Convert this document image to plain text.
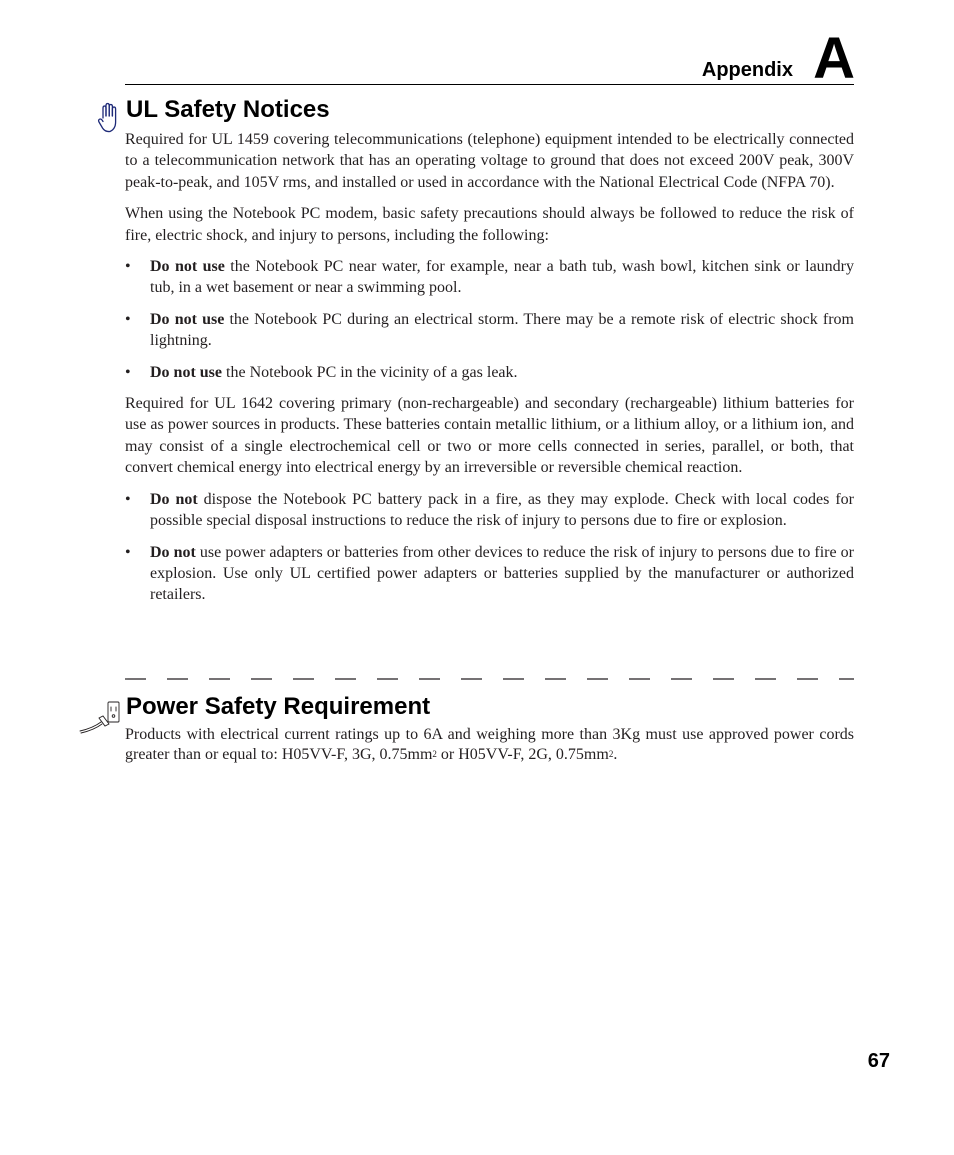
Appendix A
UL Safety Notices

Required for UL 1459 covering telecommunications (telephone) equipment intended to be electrically connected to a telecommunication network that has an operating voltage to ground that does not exceed 200V peak, 300V peak-to-peak, and 105V rms, and installed or used in accordance with the National Electrical Code (NFPA 70).

When using the Notebook PC modem, basic safety precautions should always be followed to reduce the risk of fire, electric shock, and injury to persons, including the following:

• Do not use the Notebook PC near water, for example, near a bath tub, wash bowl, kitchen sink or laundry tub, in a wet basement or near a swimming pool.
• Do not use the Notebook PC during an electrical storm. There may be a remote risk of electric shock from lightning.
• Do not use the Notebook PC in the vicinity of a gas leak.

Required for UL 1642 covering primary (non-rechargeable) and secondary (rechargeable) lithium batteries for use as power sources in products. These batteries contain metallic lithium, or a lithium alloy, or a lithium ion, and may consist of a single electrochemical cell or two or more cells connected in series, parallel, or both, that convert chemical energy into electrical energy by an irreversible or reversible chemical reaction.

• Do not dispose the Notebook PC battery pack in a fire, as they may explode. Check with local codes for possible special disposal instructions to reduce the risk of injury to persons due to fire or explosion.
• Do not use power adapters or batteries from other devices to reduce the risk of injury to persons due to fire or explosion. Use only UL certified power adapters or batteries supplied by the manufacturer or authorized retailers.
Power Safety Requirement

Products with electrical current ratings up to 6A and weighing more than 3Kg must use approved power cords greater than or equal to: H05VV-F, 3G, $0.75mm^2$ or H05VV-F, 2G, $0.75mm^2$.

67
